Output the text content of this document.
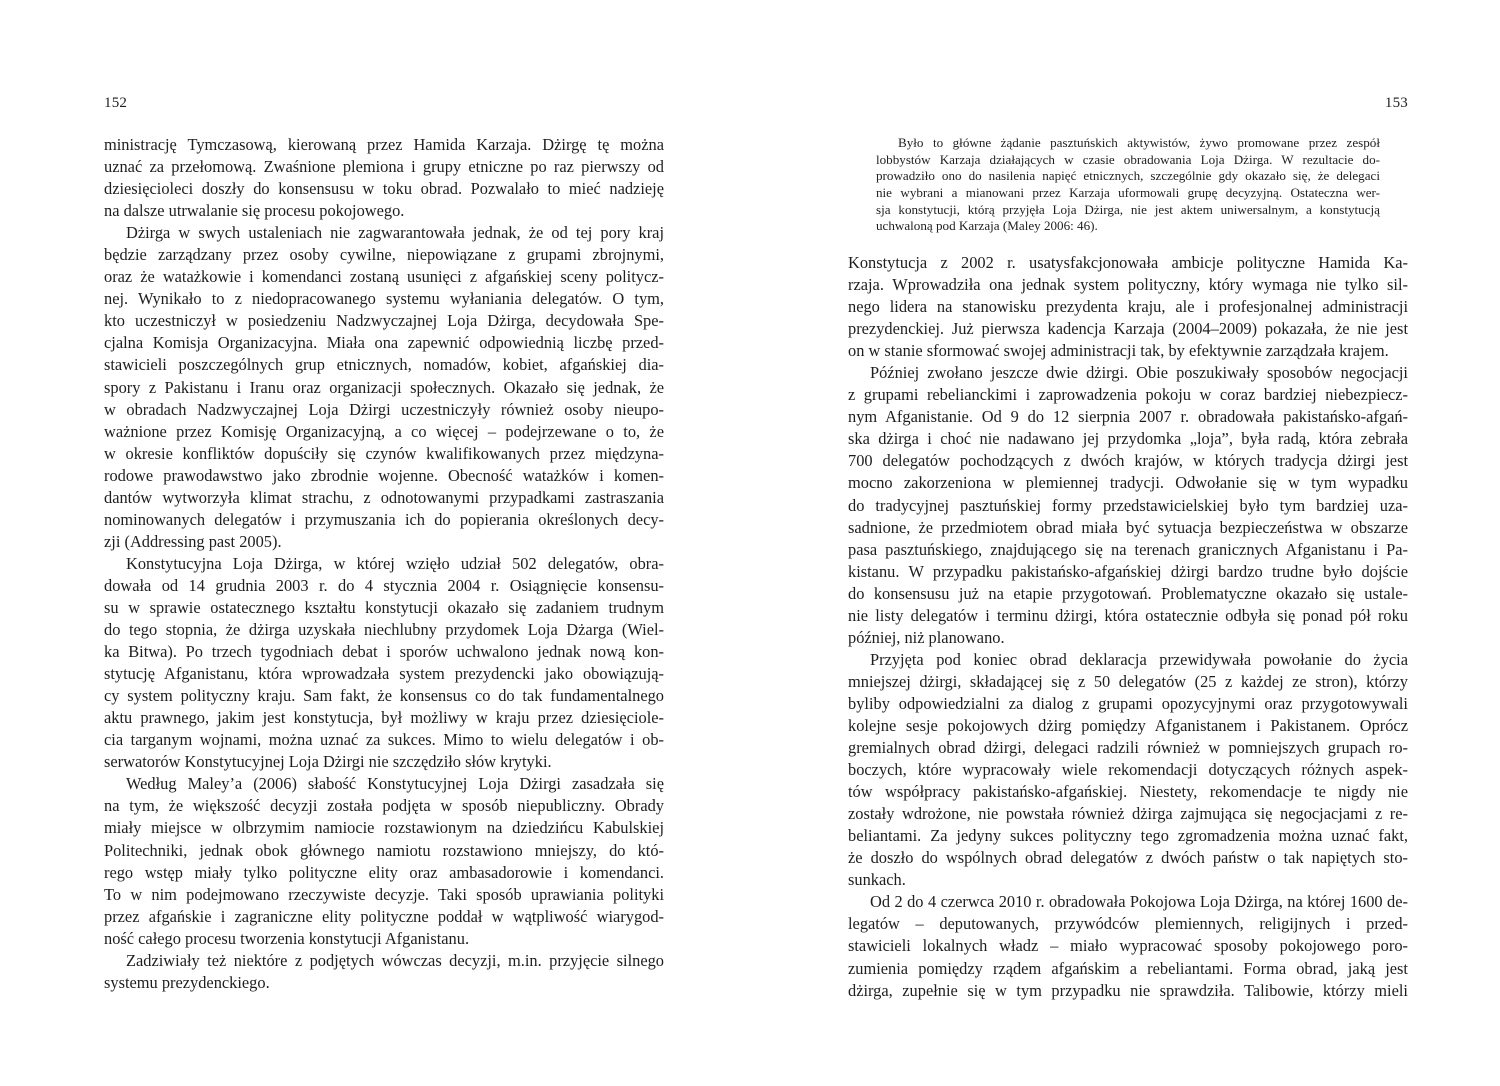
152
ministrację Tymczasową, kierowaną przez Hamida Karzaja. Dżirgę tę można
uznać za przełomową. Zwaśnione plemiona i grupy etniczne po raz pierwszy od
dziesięcioleci doszły do konsensusu w toku obrad. Pozwalało to mieć nadzieję
na dalsze utrwalanie się procesu pokojowego.
Dżirga w swych ustaleniach nie zagwarantowała jednak, że od tej pory kraj
będzie zarządzany przez osoby cywilne, niepowiązane z grupami zbrojnymi,
oraz że watażkowie i komendanci zostaną usunięci z afgańskiej sceny politycz-
nej. Wynikało to z niedopracowanego systemu wyłaniania delegatów. O tym,
kto uczestniczył w posiedzeniu Nadzwyczajnej Loja Dżirga, decydowała Spe-
cjalna Komisja Organizacyjna. Miała ona zapewnić odpowiednią liczbę przed-
stawicieli poszczególnych grup etnicznych, nomadów, kobiet, afgańskiej dia-
spory z Pakistanu i Iranu oraz organizacji społecznych. Okazało się jednak, że
w obradach Nadzwyczajnej Loja Dżirgi uczestniczyły również osoby nieupo-
ważnione przez Komisję Organizacyjną, a co więcej – podejrzewane o to, że
w okresie konfliktów dopuściły się czynów kwalifikowanych przez międzyna-
rodowe prawodawstwo jako zbrodnie wojenne. Obecność watażków i komen-
dantów wytworzyła klimat strachu, z odnotowanymi przypadkami zastraszania
nominowanych delegatów i przymuszania ich do popierania określonych decy-
zji (Addressing past 2005).
Konstytucyjna Loja Dżirga, w której wzięło udział 502 delegatów, obra-
dowała od 14 grudnia 2003 r. do 4 stycznia 2004 r. Osiągnięcie konsensu-
su w sprawie ostatecznego kształtu konstytucji okazało się zadaniem trudnym
do tego stopnia, że dżirga uzyskała niechlubny przydomek Loja Dżarga (Wiel-
ka Bitwa). Po trzech tygodniach debat i sporów uchwalono jednak nową kon-
stytucję Afganistanu, która wprowadzała system prezydencki jako obowiązują-
cy system polityczny kraju. Sam fakt, że konsensus co do tak fundamentalnego
aktu prawnego, jakim jest konstytucja, był możliwy w kraju przez dziesięciole-
cia targanym wojnami, można uznać za sukces. Mimo to wielu delegatów i ob-
serwatorów Konstytucyjnej Loja Dżirgi nie szczędziło słów krytyki.
Według Maley’a (2006) słabość Konstytucyjnej Loja Dżirgi zasadzała się
na tym, że większość decyzji została podjęta w sposób niepubliczny. Obrady
miały miejsce w olbrzymim namiocie rozstawionym na dziedzińcu Kabulskiej
Politechniki, jednak obok głównego namiotu rozstawiono mniejszy, do któ-
rego wstęp miały tylko polityczne elity oraz ambasadorowie i komendanci.
To w nim podejmowano rzeczywiste decyzje. Taki sposób uprawiania polityki
przez afgańskie i zagraniczne elity polityczne poddał w wątpliwość wiarygod-
ność całego procesu tworzenia konstytucji Afganistanu.
Zadziwiały też niektóre z podjętych wówczas decyzji, m.in. przyjęcie silnego
systemu prezydenckiego.
153
Było to główne żądanie pasztuńskich aktywistów, żywo promowane przez zespół
lobbystów Karzaja działających w czasie obradowania Loja Dżirga. W rezultacie do-
prowadziło ono do nasilenia napięć etnicznych, szczególnie gdy okazało się, że delegaci
nie wybrani a mianowani przez Karzaja uformowali grupę decyzyjną. Ostateczna wer-
sja konstytucji, którą przyjęła Loja Dżirga, nie jest aktem uniwersalnym, a konstytucją
uchwaloną pod Karzaja (Maley 2006: 46).
Konstytucja z 2002 r. usatysfakcjonowała ambicje polityczne Hamida Ka-
rzaja. Wprowadziła ona jednak system polityczny, który wymaga nie tylko sil-
nego lidera na stanowisku prezydenta kraju, ale i profesjonalnej administracji
prezydenckiej. Już pierwsza kadencja Karzaja (2004–2009) pokazała, że nie jest
on w stanie sformować swojej administracji tak, by efektywnie zarządzała krajem.
Później zwołano jeszcze dwie dżirgi. Obie poszukiwały sposobów negocjacji
z grupami rebelianckimi i zaprowadzenia pokoju w coraz bardziej niebezpiecz-
nym Afganistanie. Od 9 do 12 sierpnia 2007 r. obradowała pakistańsko-afgań-
ska dżirga i choć nie nadawano jej przydomka „loja”, była radą, która zebrała
700 delegatów pochodzących z dwóch krajów, w których tradycja dżirgi jest
mocno zakorzeniona w plemiennej tradycji. Odwołanie się w tym wypadku
do tradycyjnej pasztuńskiej formy przedstawicielskiej było tym bardziej uza-
sadnione, że przedmiotem obrad miała być sytuacja bezpieczeństwa w obszarze
pasa pasztuńskiego, znajdującego się na terenach granicznych Afganistanu i Pa-
kistanu. W przypadku pakistańsko-afgańskiej dżirgi bardzo trudne było dojście
do konsensusu już na etapie przygotowań. Problematyczne okazało się ustale-
nie listy delegatów i terminu dżirgi, która ostatecznie odbyła się ponad pół roku
później, niż planowano.
Przyjęta pod koniec obrad deklaracja przewidywała powołanie do życia
mniejszej dżirgi, składającej się z 50 delegatów (25 z każdej ze stron), którzy
byliby odpowiedzialni za dialog z grupami opozycyjnymi oraz przygotowywali
kolejne sesje pokojowych dżirg pomiędzy Afganistanem i Pakistanem. Oprócz
gremialnych obrad dżirgi, delegaci radzili również w pomniejszych grupach ro-
boczych, które wypracowały wiele rekomendacji dotyczących różnych aspek-
tów współpracy pakistańsko-afgańskiej. Niestety, rekomendacje te nigdy nie
zostały wdrożone, nie powstała również dżirga zajmująca się negocjacjami z re-
beliantami. Za jedyny sukces polityczny tego zgromadzenia można uznać fakt,
że doszło do wspólnych obrad delegatów z dwóch państw o tak napiętych sto-
sunkach.
Od 2 do 4 czerwca 2010 r. obradowała Pokojowa Loja Dżirga, na której 1600 de-
legatów – deputowanych, przywódców plemiennych, religijnych i przed-
stawicieli lokalnych władz – miało wypracować sposoby pokojowego poro-
zumienia pomiędzy rządem afgańskim a rebeliantami. Forma obrad, jaką jest
dżirga, zupełnie się w tym przypadku nie sprawdziła. Talibowie, którzy mieli
